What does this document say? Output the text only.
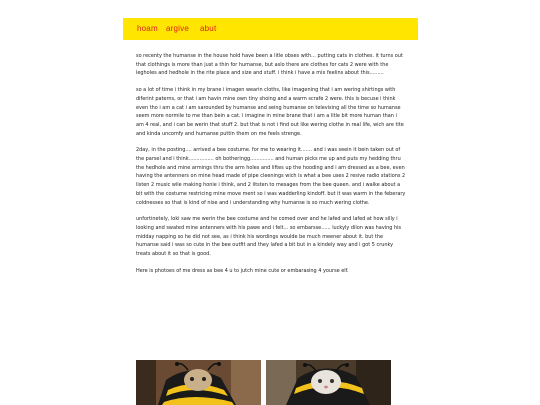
hoam argive abut

so recenty the humanse in the house hold have been a litle obses with... putting cats in clothes. it turns out that clothings is more than just a thin for humanse, but aslo there are clothes for cats 2 were with the legholes and hedhole in the rite place and size and stuff. i think i have a mix feelins about this.........

so a lot of time i think in my brane i imagen wearin cloths, like imagening that i am wering shirtings with diferint paterns, or that i am havin mine own tiny shoing and a warm scrafe 2 were. this is becuse i think even tho i am a cat i am sarounded by humanse and seing humanse on televising all the time so humanse seem more normile to me than bein a cat. i imagine in mine brane that i am a litle bit more human than i am 4 real, and i can be werin that stuff 2. but that is not i find out like wering clothe in real life, wich are tite and kinda uncomfy and humanse puttin them on me feels strenge.

2day, in the posting.... arrived a bee costume. for me to wearing it....... and i was seein it bein taken out of the parsel and i think................ oh botheringg............... and human picks me up and puts my hedding thru the hedhole and mine armings thru the arm holes and liftes up the hooding and i am dressed as a bee, even having the antenners on mine head made of pipe cleenings wich is what a bee uses 2 resive radio stations 2 listen 2 music wile making honie i think, and 2 litsten to mesages from the bee queen. and i walke about a bit with the costume restricing mine move ment so i was wadderling kindoff. but it was warm in the feberary coldnesses so that is kind of nise and i understanding why humanse is so much wering clothe.

unfortinetely, loki saw me werin the bee costume and he comed over and he lafed and lafed at how silly i looking and swated mine antenners with his pawe and i felt... so embarsse...... luckyly dilon was having his midday napping so he did not see, as i think his wordings woulde be much meener about it. but the humanse said i was so cute in the bee outfit and they lafed a bit but in a kindely way and i got 5 crunky treats about it so that is good.

Here is photoes of me dress as bee 4 u to jutch mine cute or embarasing 4 yourse elf.
